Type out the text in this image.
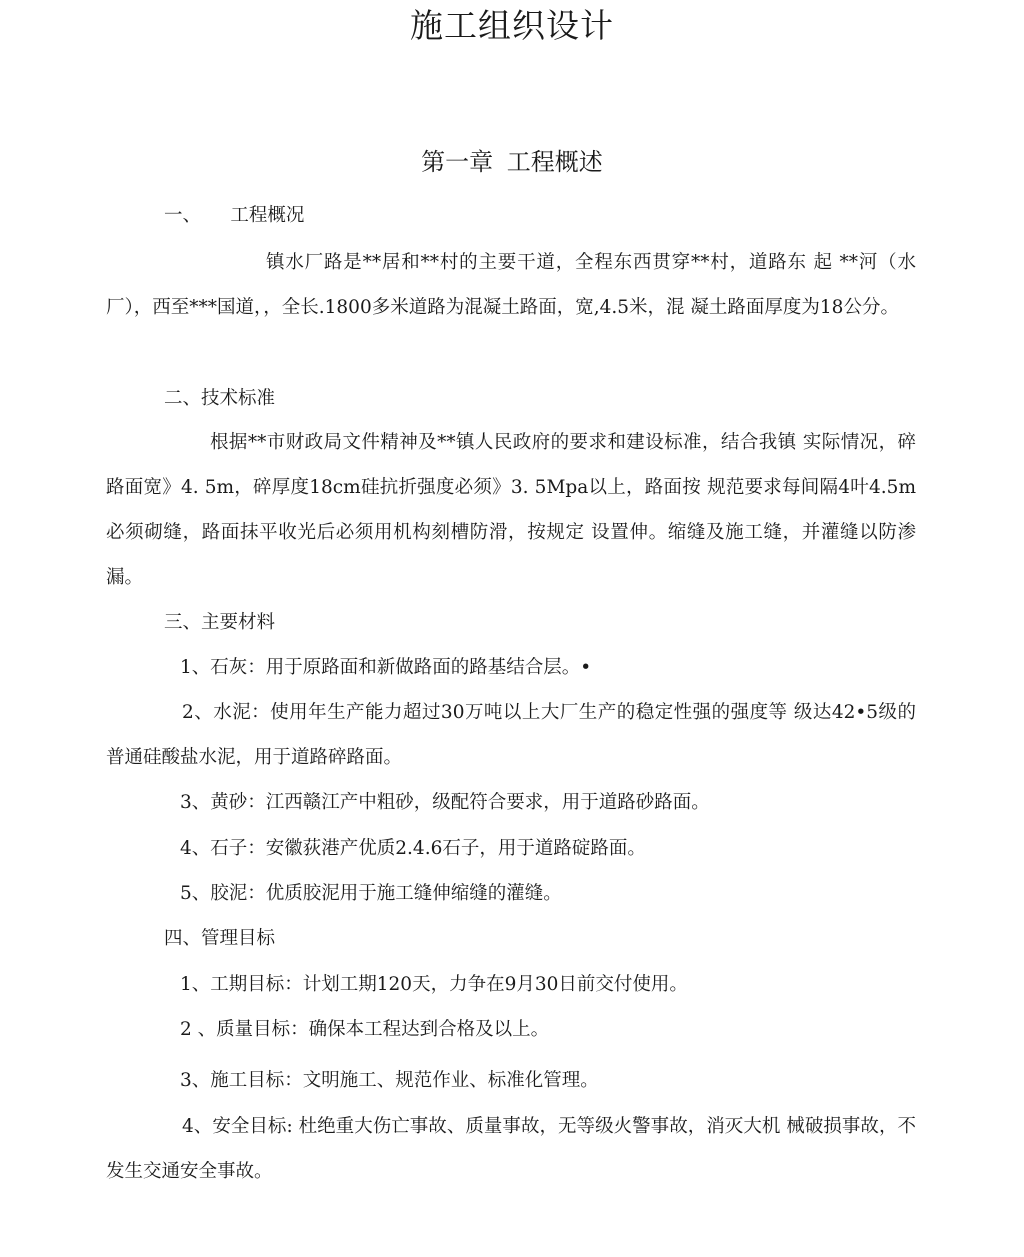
施工组织设计
第一章 工程概述
一、     工程概况
镇水厂路是**居和**村的主要干道，全程东西贯穿**村，道路东 起 **河（水厂），西至***国道，，全长.1800多米道路为混凝土路面，宽,4.5米，混 凝土路面厚度为18公分。
二、技术标准
根据**市财政局文件精神及**镇人民政府的要求和建设标准，结合我镇 实际情况，碎路面宽》4. 5m，碎厚度18cm硅抗折强度必须》3. 5Mpa以上，路面按 规范要求每间隔4叶4.5m必须砌缝，路面抹平收光后必须用机构刻槽防滑，按规定 设置伸。缩缝及施工缝，并灌缝以防渗漏。
三、主要材料
1、石灰：用于原路面和新做路面的路基结合层。•
2、水泥：使用年生产能力超过30万吨以上大厂生产的稳定性强的强度等 级达42•5级的普通硅酸盐水泥，用于道路碎路面。
3、黄砂：江西赣江产中粗砂，级配符合要求，用于道路砂路面。
4、石子：安徽荻港产优质2.4.6石子，用于道路碇路面。
5、胶泥：优质胶泥用于施工缝伸缩缝的灌缝。
四、管理目标
1、工期目标：计划工期120天，力争在9月30日前交付使用。
2 、质量目标：确保本工程达到合格及以上。
3、施工目标：文明施工、规范作业、标准化管理。
4、安全目标: 杜绝重大伤亡事故、质量事故，无等级火警事故，消灭大机 械破损事故，不发生交通安全事故。
